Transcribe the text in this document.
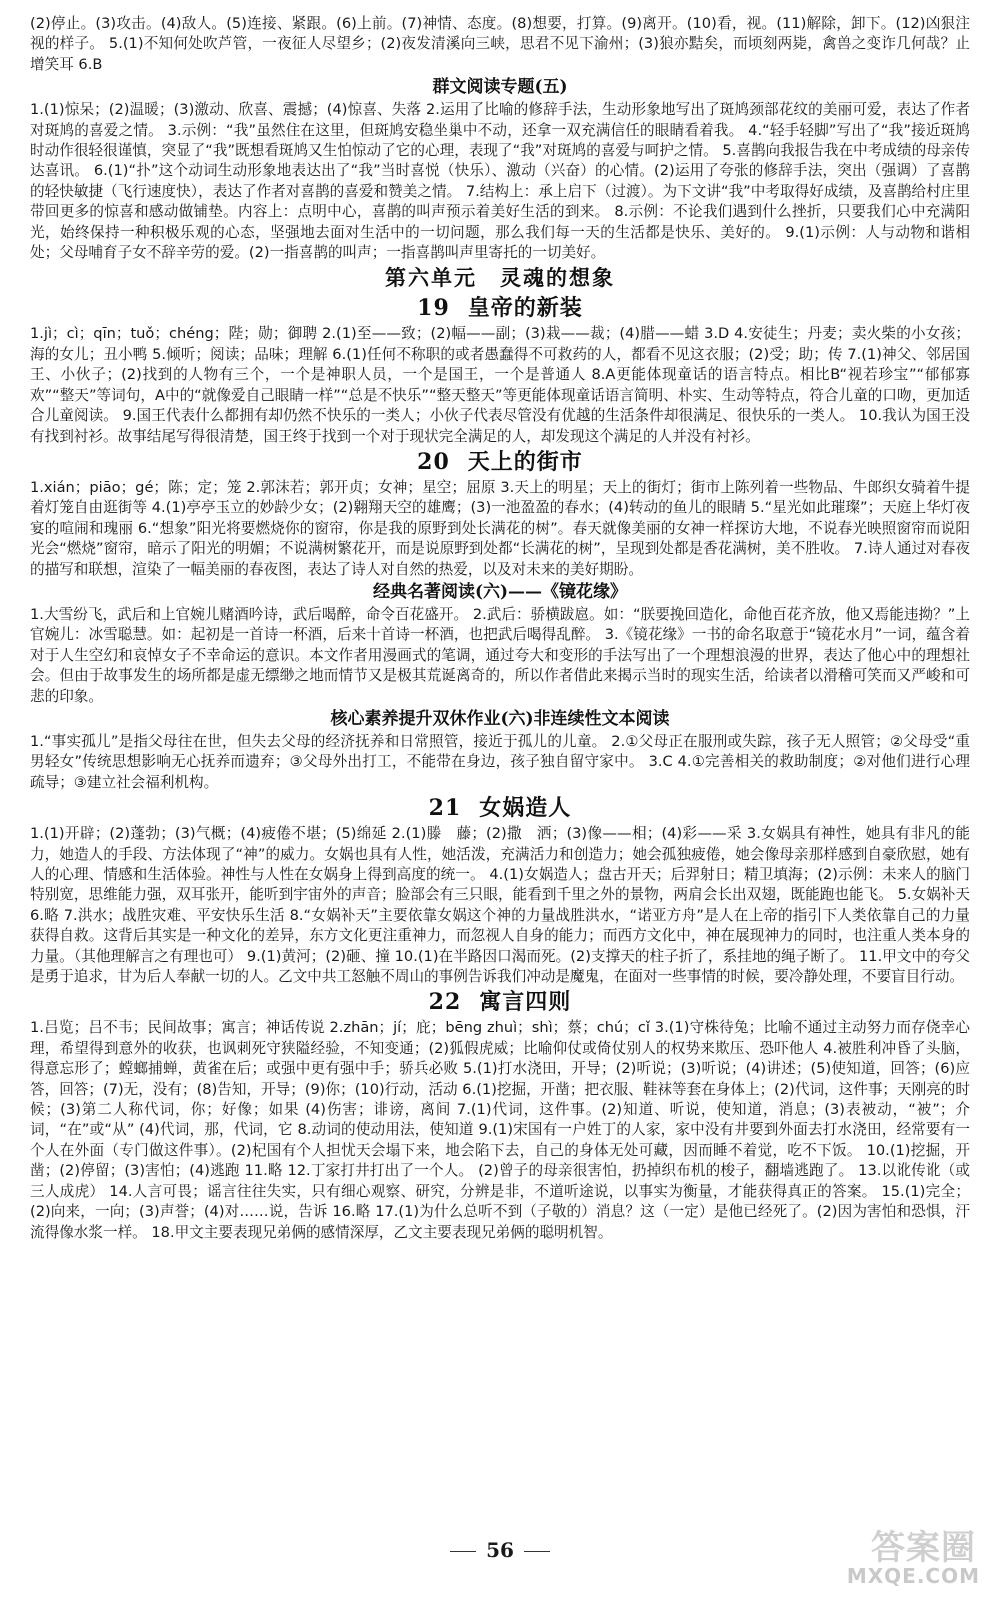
(2)停止。(3)攻击。(4)敌人。(5)连接、紧跟。(6)上前。(7)神情、态度。(8)想要，打算。(9)离开。(10)看，视。(11)解除，卸下。(12)凶狠注视的样子。 5.(1)不知何处吹芦管，一夜征人尽望乡；(2)夜发清溪向三峡，思君不见下渝州；(3)狼亦黠矣，而顷刻两毙，禽兽之变诈几何哉？止增笑耳 6.B

群文阅读专题(五)

1.(1)惊呆；(2)温暖；(3)激动、欣喜、震撼；(4)惊喜、失落 2.运用了比喻的修辞手法，生动形象地写出了斑鸠颈部花纹的美丽可爱，表达了作者对斑鸠的喜爱之情。 3.示例：“我”虽然住在这里，但斑鸠安稳坐巢中不动，还拿一双充满信任的眼睛看着我。 4.“轻手轻脚”写出了“我”接近斑鸠时动作很轻很谨慎，突显了“我”既想看斑鸠又生怕惊动了它的心理，表现了“我”对斑鸠的喜爱与呵护之情。 5.喜鹊向我报告我在中考成绩的母亲传达喜讯。 6.(1)“扑”这个动词生动形象地表达出了“我”当时喜悦（快乐）、激动（兴奋）的心情。(2)运用了夸张的修辞手法，突出（强调）了喜鹊的轻快敏捷（飞行速度快），表达了作者对喜鹊的喜爱和赞美之情。 7.结构上：承上启下（过渡）。为下文讲“我”中考取得好成绩，及喜鹊给村庄里带回更多的惊喜和感动做铺垫。内容上：点明中心，喜鹊的叫声预示着美好生活的到来。 8.示例：不论我们遇到什么挫折，只要我们心中充满阳光，始终保持一种积极乐观的心态，坚强地去面对生活中的一切问题，那么我们每一天的生活都是快乐、美好的。 9.(1)示例：人与动物和谐相处；父母哺育子女不辞辛劳的爱。(2)一指喜鹊的叫声；一指喜鹊叫声里寄托的一切美好。

第六单元　灵魂的想象
19 皇帝的新装

1.jì；cì；qīn；tuǒ；chéng；陛；勋；御聘 2.(1)至——致；(2)幅——副；(3)栽——裁；(4)腊——蜡 3.D 4.安徒生；丹麦；卖火柴的小女孩；海的女儿；丑小鸭 5.倾听；阅读；品味；理解 6.(1)任何不称职的或者愚蠢得不可救药的人，都看不见这衣服；(2)受；助；传 7.(1)神父、邻居国王、小伙子；(2)找到的人物有三个，一个是神职人员，一个是国王，一个是普通人 8.A更能体现童话的语言特点。相比B“视若珍宝”“郁郁寡欢”“整天”等词句，A中的“就像爱自己眼睛一样”“总是不快乐”“整天整天”等更能体现童话语言简明、朴实、生动等特点，符合儿童的口吻，更加适合儿童阅读。 9.国王代表什么都拥有却仍然不快乐的一类人；小伙子代表尽管没有优越的生活条件却很满足、很快乐的一类人。 10.我认为国王没有找到衬衫。故事结尾写得很清楚，国王终于找到一个对于现状完全满足的人，却发现这个满足的人并没有衬衫。

20 天上的街市

1.xián；piāo；gé；陈；定；笼 2.郭沫若；郭开贞；女神；星空；屈原 3.天上的明星；天上的街灯；街市上陈列着一些物品、牛郎织女骑着牛提着灯笼自由逛街等 4.(1)亭亭玉立的妙龄少女；(2)翱翔天空的雄鹰；(3)一池盈盈的春水；(4)转动的鱼儿的眼睛 5.“星光如此璀璨”；天庭上华灯夜宴的喧闹和瑰丽 6.“想象”阳光将要燃烧你的窗帘，你是我的原野到处长满花的树”。春天就像美丽的女神一样探访大地，不说春光映照窗帘而说阳光会“燃烧”窗帘，暗示了阳光的明媚；不说满树繁花开，而是说原野到处都“长满花的树”，呈现到处都是香花满树，美不胜收。 7.诗人通过对春夜的描写和联想，渲染了一幅美丽的春夜图，表达了诗人对自然的热爱，以及对未来的美好期盼。

经典名著阅读(六)——《镜花缘》

1.大雪纷飞，武后和上官婉儿赌酒吟诗，武后喝醉，命令百花盛开。 2.武后：骄横跋扈。如：“朕要挽回造化，命他百花齐放，他又焉能违拗？”上官婉儿：冰雪聪慧。如：起初是一首诗一杯酒，后来十首诗一杯酒，也把武后喝得乱醉。 3.《镜花缘》一书的命名取意于“镜花水月”一词，蕴含着对于人生空幻和哀悼女子不幸命运的意识。本文作者用漫画式的笔调，通过夸大和变形的手法写出了一个理想浪漫的世界，表达了他心中的理想社会。但由于故事发生的场所都是虚无缥缈之地而情节又是极其荒诞离奇的，所以作者借此来揭示当时的现实生活，给读者以滑稽可笑而又严峻和可悲的印象。

核心素养提升双休作业(六)非连续性文本阅读

1.“事实孤儿”是指父母往在世，但失去父母的经济抚养和日常照管，接近于孤儿的儿童。 2.①父母正在服刑或失踪，孩子无人照管；②父母受“重男轻女”传统思想影响无心抚养而遗弃；③父母外出打工，不能带在身边，孩子独自留守家中。 3.C 4.①完善相关的救助制度；②对他们进行心理疏导；③建立社会福利机构。

21 女娲造人

1.(1)开辟；(2)蓬勃；(3)气概；(4)疲倦不堪；(5)绵延 2.(1)滕　藤；(2)撒　洒；(3)像——相；(4)彩——采 3.女娲具有神性，她具有非凡的能力，她造人的手段、方法体现了“神”的威力。女娲也具有人性，她活泼，充满活力和创造力；她会孤独疲倦，她会像母亲那样感到自豪欣慰，她有人的心理、情感和生活体验。神性与人性在女娲身上得到高度的统一。 4.(1)女娲造人；盘古开天；后羿射日；精卫填海；(2)示例：未来人的脑门特别宽，思维能力强，双耳张开，能听到宇宙外的声音；脸部会有三只眼，能看到千里之外的景物，两肩会长出双翅，既能跑也能飞。 5.女娲补天 6.略 7.洪水；战胜灾难、平安快乐生活 8.“女娲补天”主要依靠女娲这个神的力量战胜洪水，“诺亚方舟”是人在上帝的指引下人类依靠自己的力量获得自救。这背后其实是一种文化的差异，东方文化更注重神力，而忽视人自身的能力；而西方文化中，神在展现神力的同时，也注重人类本身的力量。（其他理解言之有理也可） 9.(1)黄河；(2)砸、撞 10.(1)在半路因口渴而死。(2)支撑天的柱子折了，系挂地的绳子断了。 11.甲文中的夸父是勇于追求，甘为后人奉献一切的人。乙文中共工怒触不周山的事例告诉我们冲动是魔鬼，在面对一些事情的时候，要冷静处理，不要盲目行动。

22 寓言四则

1.吕览；吕不韦；民间故事；寓言；神话传说 2.zhān；jí；庇；bēng zhuì；shì；蔡；chú；cǐ 3.(1)守株待兔；比喻不通过主动努力而存侥幸心理，希望得到意外的收获，也讽刺死守狭隘经验，不知变通；(2)狐假虎威；比喻仰仗或倚仗别人的权势来欺压、恐吓他人 4.被胜利冲昏了头脑，得意忘形了；螳螂捕蝉，黄雀在后；或强中更有强中手；骄兵必败 5.(1)打水浇田，开导；(2)听说；(3)听说；(4)讲述；(5)使知道，回答；(6)应答，回答；(7)无，没有；(8)告知，开导；(9)你；(10)行动，活动 6.(1)挖掘，开凿；把衣服、鞋袜等套在身体上；(2)代词，这件事；天刚亮的时候；(3)第二人称代词，你；好像；如果 (4)伤害；诽谤，离间 7.(1)代词，这件事。(2)知道、听说，使知道，消息；(3)表被动，“被”；介词，“在”或“从” (4)代词，那，代词，它 8.动词的使动用法，使知道 9.(1)宋国有一户姓丁的人家，家中没有井要到外面去打水浇田，经常要有一个人在外面（专门做这件事）。(2)杞国有个人担忧天会塌下来，地会陷下去，自己的身体无处可藏，因而睡不着觉，吃不下饭。 10.(1)挖掘，开凿；(2)停留；(3)害怕；(4)逃跑 11.略 12.丁家打井打出了一个人。 (2)曾子的母亲很害怕，扔掉织布机的梭子，翻墙逃跑了。 13.以讹传讹（或三人成虎） 14.人言可畏；谣言往往失实，只有细心观察、研究，分辨是非，不道听途说，以事实为衡量，才能获得真正的答案。 15.(1)完全；(2)向来，一向；(3)声誉；(4)对……说，告诉 16.略 17.(1)为什么总听不到（子敬的）消息？这（一定）是他已经死了。(2)因为害怕和恐惧，汗流得像水浆一样。 18.甲文主要表现兄弟俩的感情深厚，乙文主要表现兄弟俩的聪明机智。

56	答案圈
MXQE.COM
